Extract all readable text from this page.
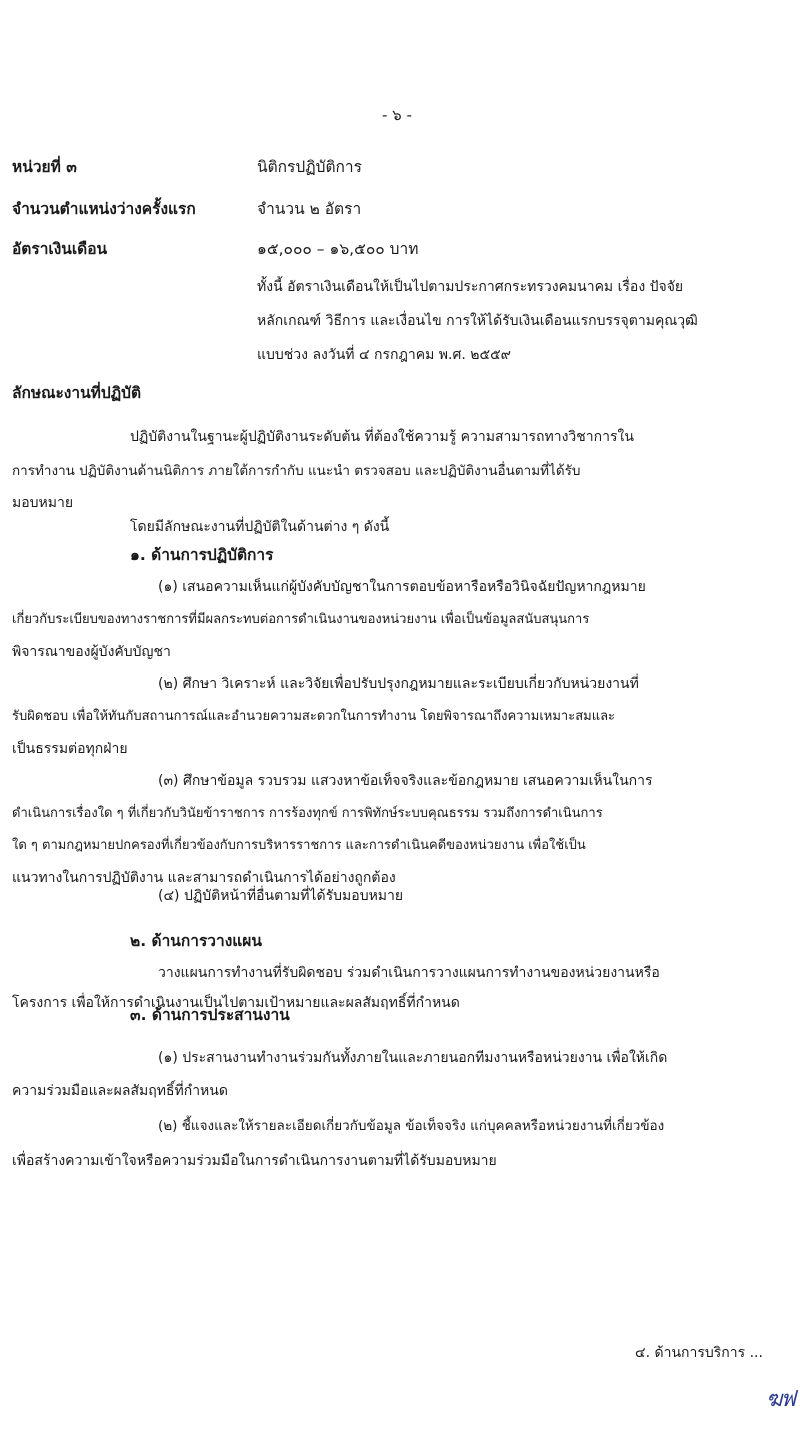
- ๖ -
หน่วยที่ ๓	นิติกรปฏิบัติการ
จำนวนตำแหน่งว่างครั้งแรก	จำนวน ๒ อัตรา
อัตราเงินเดือน	๑๕,๐๐๐ – ๑๖,๕๐๐ บาท
ทั้งนี้ อัตราเงินเดือนให้เป็นไปตามประกาศกระทรวงคมนาคม เรื่อง ปัจจัย
หลักเกณฑ์ วิธีการ และเงื่อนไข การให้ได้รับเงินเดือนแรกบรรจุตามคุณวุฒิ
แบบช่วง ลงวันที่ ๔ กรกฎาคม พ.ศ. ๒๕๕๙
ลักษณะงานที่ปฏิบัติ
ปฏิบัติงานในฐานะผู้ปฏิบัติงานระดับต้น ที่ต้องใช้ความรู้ ความสามารถทางวิชาการใน
การทำงาน ปฏิบัติงานด้านนิติการ ภายใต้การกำกับ แนะนำ ตรวจสอบ และปฏิบัติงานอื่นตามที่ได้รับ
มอบหมาย
โดยมีลักษณะงานที่ปฏิบัติในด้านต่าง ๆ ดังนี้
๑. ด้านการปฏิบัติการ
(๑) เสนอความเห็นแก่ผู้บังคับบัญชาในการตอบข้อหารือหรือวินิจฉัยปัญหากฎหมาย
เกี่ยวกับระเบียบของทางราชการที่มีผลกระทบต่อการดำเนินงานของหน่วยงาน เพื่อเป็นข้อมูลสนับสนุนการ
พิจารณาของผู้บังคับบัญชา
(๒) ศึกษา วิเคราะห์ และวิจัยเพื่อปรับปรุงกฎหมายและระเบียบเกี่ยวกับหน่วยงานที่
รับผิดชอบ เพื่อให้ทันกับสถานการณ์และอำนวยความสะดวกในการทำงาน โดยพิจารณาถึงความเหมาะสมและ
เป็นธรรมต่อทุกฝ่าย
(๓) ศึกษาข้อมูล รวบรวม แสวงหาข้อเท็จจริงและข้อกฎหมาย เสนอความเห็นในการ
ดำเนินการเรื่องใด ๆ ที่เกี่ยวกับวินัยข้าราชการ การร้องทุกข์ การพิทักษ์ระบบคุณธรรม รวมถึงการดำเนินการ
ใด ๆ ตามกฎหมายปกครองที่เกี่ยวข้องกับการบริหารราชการ และการดำเนินคดีของหน่วยงาน เพื่อใช้เป็น
แนวทางในการปฏิบัติงาน และสามารถดำเนินการได้อย่างถูกต้อง
(๔) ปฏิบัติหน้าที่อื่นตามที่ได้รับมอบหมาย
๒. ด้านการวางแผน
วางแผนการทำงานที่รับผิดชอบ ร่วมดำเนินการวางแผนการทำงานของหน่วยงานหรือ
โครงการ เพื่อให้การดำเนินงานเป็นไปตามเป้าหมายและผลสัมฤทธิ์ที่กำหนด
๓. ด้านการประสานงาน
(๑) ประสานงานทำงานร่วมกันทั้งภายในและภายนอกทีมงานหรือหน่วยงาน เพื่อให้เกิด
ความร่วมมือและผลสัมฤทธิ์ที่กำหนด
(๒) ชี้แจงและให้รายละเอียดเกี่ยวกับข้อมูล ข้อเท็จจริง แก่บุคคลหรือหน่วยงานที่เกี่ยวข้อง
เพื่อสร้างความเข้าใจหรือความร่วมมือในการดำเนินการงานตามที่ได้รับมอบหมาย
๔. ด้านการบริการ ...
ฆฟ
